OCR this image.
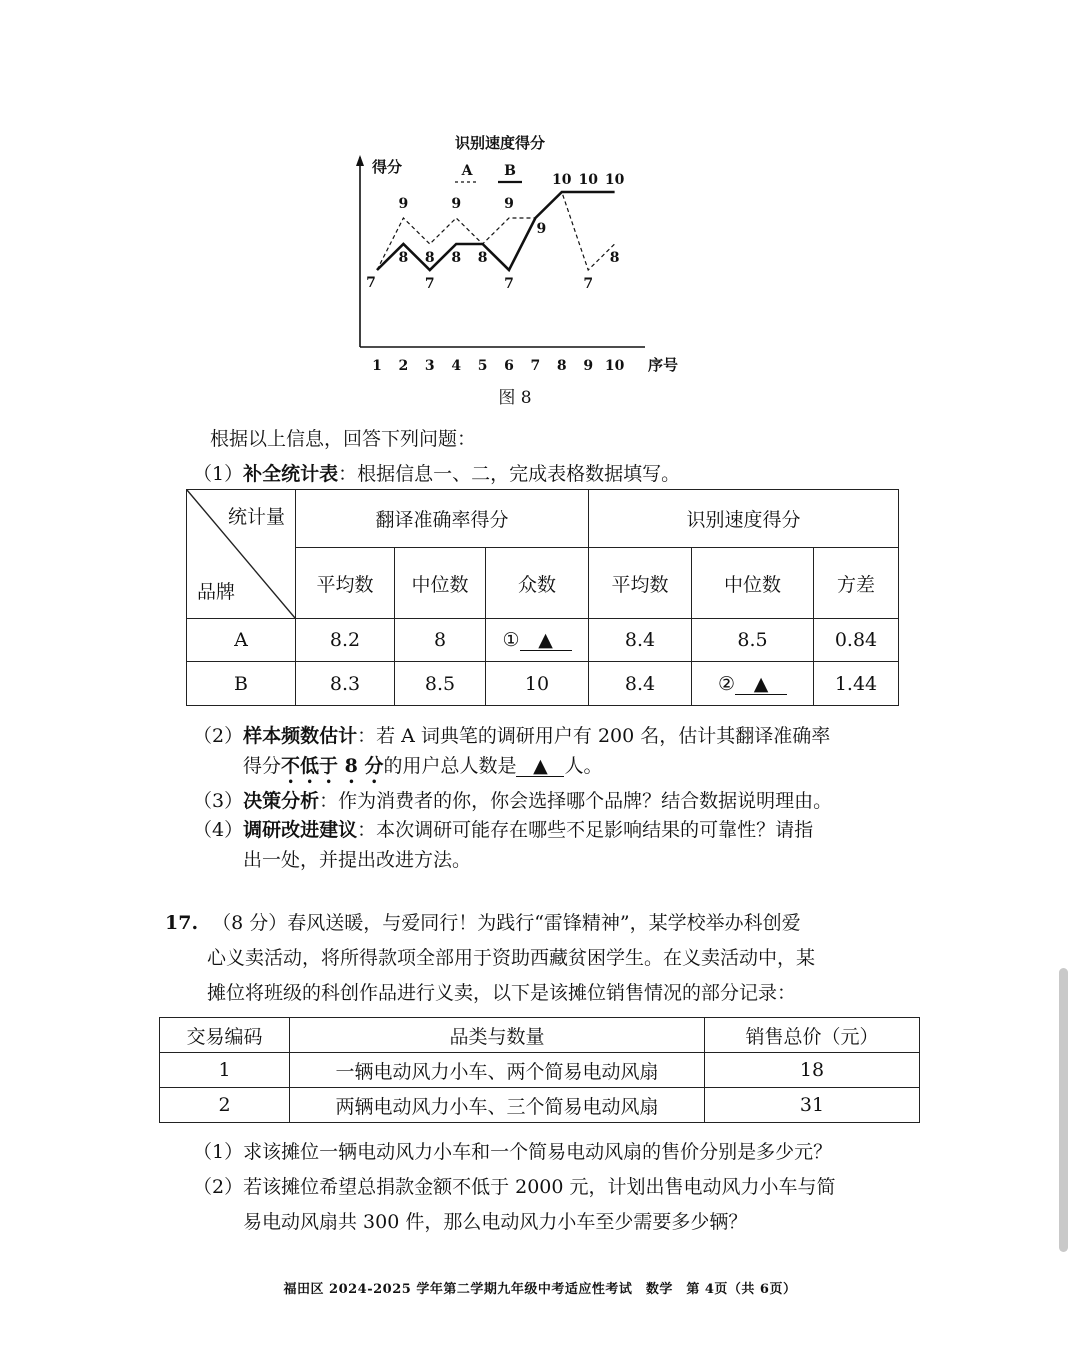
识别速度得分
得分
序号
1 2 3 4 5 6 7 8 9 10
A B
7
9
8 8
7
9
8 8
9
7
9
10 10 10
7
8
图 8
根据以上信息，回答下列问题：
（1）补全统计表：根据信息一、二，完成表格数据填写。
统计量
品牌	翻译准确率得分			识别速度得分		
	平均数	中位数	众数	平均数	中位数	方差
A	8.2	8	① ▲	8.4	8.5	0.84
B	8.3	8.5	10	8.4	② ▲	1.44
（2）样本频数估计：若 A 词典笔的调研用户有 200 名，估计其翻译准确率
得分不低于 8 分的用户总人数是 ▲ 人。
（3）决策分析：作为消费者的你，你会选择哪个品牌？结合数据说明理由。
（4）调研改进建议：本次调研可能存在哪些不足影响结果的可靠性？请指
出一处，并提出改进方法。
17. （8 分）春风送暖，与爱同行！为践行“雷锋精神”，某学校举办科创爱
心义卖活动，将所得款项全部用于资助西藏贫困学生。在义卖活动中，某
摊位将班级的科创作品进行义卖，以下是该摊位销售情况的部分记录：
交易编码	品类与数量	销售总价（元）
1	一辆电动风力小车、两个简易电动风扇	18
2	两辆电动风力小车、三个简易电动风扇	31
（1）求该摊位一辆电动风力小车和一个简易电动风扇的售价分别是多少元？
（2）若该摊位希望总捐款金额不低于 2000 元，计划出售电动风力小车与简
易电动风扇共 300 件，那么电动风力小车至少需要多少辆？
福田区 2024-2025 学年第二学期九年级中考适应性考试　数学　第 4页（共 6页）
